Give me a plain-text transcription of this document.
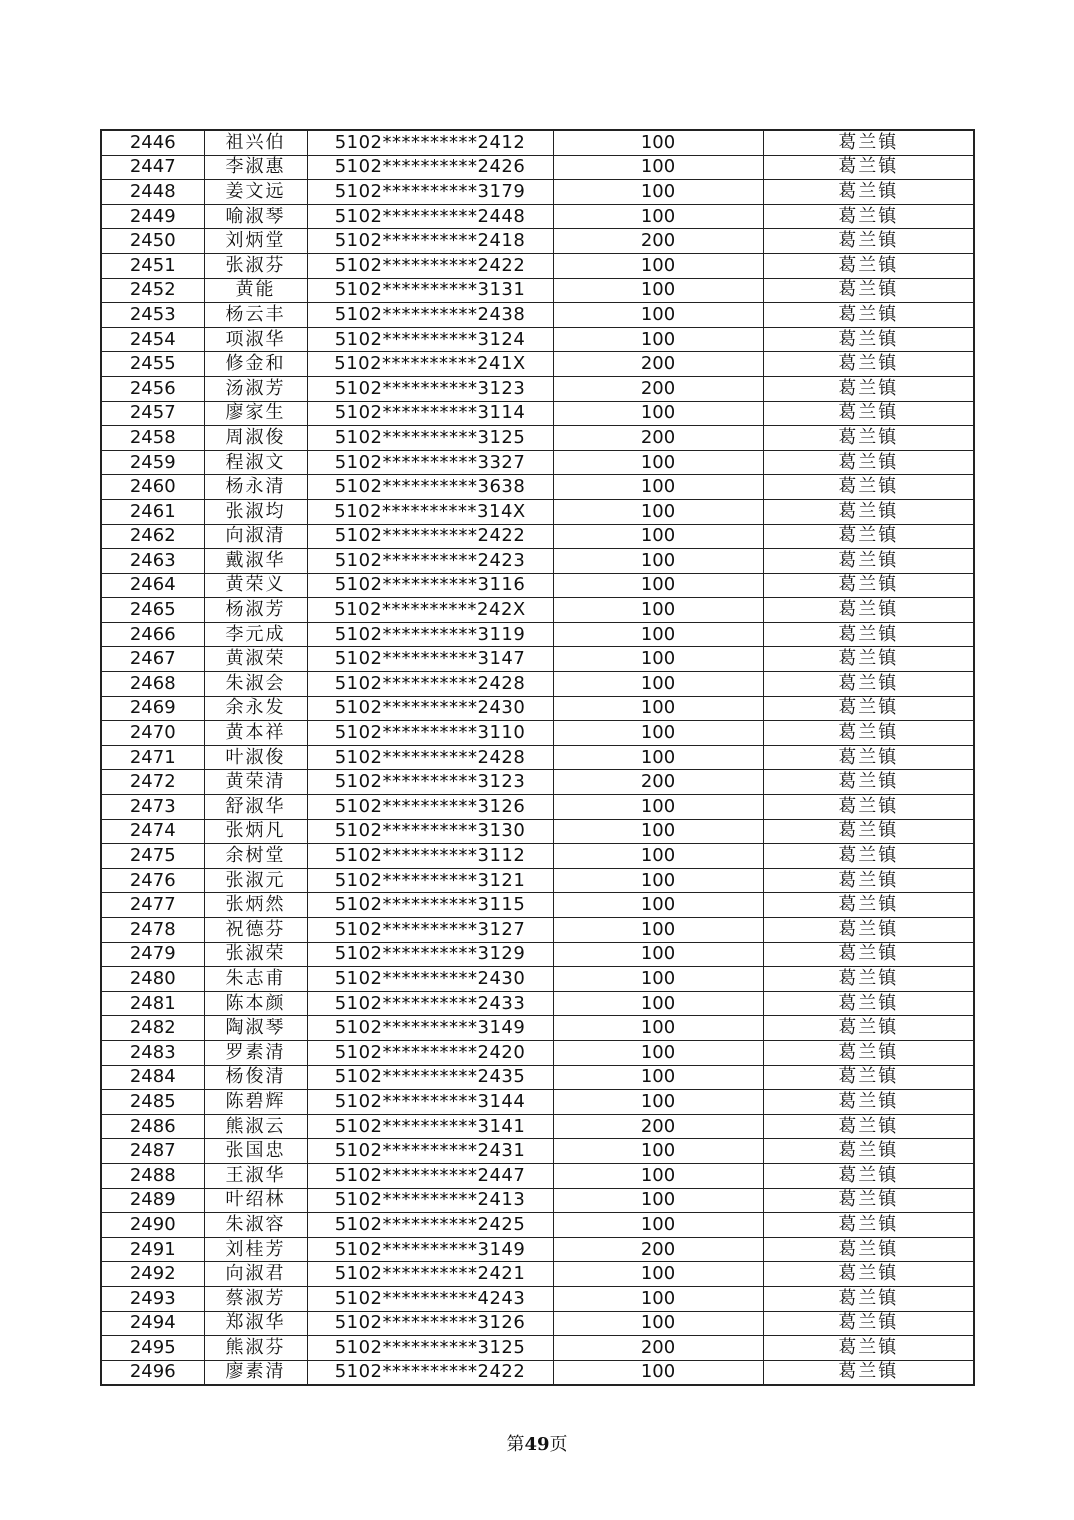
2446	祖兴伯	5102**********2412	100	葛兰镇
2447	李淑惠	5102**********2426	100	葛兰镇
2448	姜文远	5102**********3179	100	葛兰镇
2449	喻淑琴	5102**********2448	100	葛兰镇
2450	刘炳堂	5102**********2418	200	葛兰镇
2451	张淑芬	5102**********2422	100	葛兰镇
2452	黄能	5102**********3131	100	葛兰镇
2453	杨云丰	5102**********2438	100	葛兰镇
2454	项淑华	5102**********3124	100	葛兰镇
2455	修金和	5102**********241X	200	葛兰镇
2456	汤淑芳	5102**********3123	200	葛兰镇
2457	廖家生	5102**********3114	100	葛兰镇
2458	周淑俊	5102**********3125	200	葛兰镇
2459	程淑文	5102**********3327	100	葛兰镇
2460	杨永清	5102**********3638	100	葛兰镇
2461	张淑均	5102**********314X	100	葛兰镇
2462	向淑清	5102**********2422	100	葛兰镇
2463	戴淑华	5102**********2423	100	葛兰镇
2464	黄荣义	5102**********3116	100	葛兰镇
2465	杨淑芳	5102**********242X	100	葛兰镇
2466	李元成	5102**********3119	100	葛兰镇
2467	黄淑荣	5102**********3147	100	葛兰镇
2468	朱淑会	5102**********2428	100	葛兰镇
2469	余永发	5102**********2430	100	葛兰镇
2470	黄本祥	5102**********3110	100	葛兰镇
2471	叶淑俊	5102**********2428	100	葛兰镇
2472	黄荣清	5102**********3123	200	葛兰镇
2473	舒淑华	5102**********3126	100	葛兰镇
2474	张炳凡	5102**********3130	100	葛兰镇
2475	余树堂	5102**********3112	100	葛兰镇
2476	张淑元	5102**********3121	100	葛兰镇
2477	张炳然	5102**********3115	100	葛兰镇
2478	祝德芬	5102**********3127	100	葛兰镇
2479	张淑荣	5102**********3129	100	葛兰镇
2480	朱志甫	5102**********2430	100	葛兰镇
2481	陈本颜	5102**********2433	100	葛兰镇
2482	陶淑琴	5102**********3149	100	葛兰镇
2483	罗素清	5102**********2420	100	葛兰镇
2484	杨俊清	5102**********2435	100	葛兰镇
2485	陈碧辉	5102**********3144	100	葛兰镇
2486	熊淑云	5102**********3141	200	葛兰镇
2487	张国忠	5102**********2431	100	葛兰镇
2488	王淑华	5102**********2447	100	葛兰镇
2489	叶绍林	5102**********2413	100	葛兰镇
2490	朱淑容	5102**********2425	100	葛兰镇
2491	刘桂芳	5102**********3149	200	葛兰镇
2492	向淑君	5102**********2421	100	葛兰镇
2493	蔡淑芳	5102**********4243	100	葛兰镇
2494	郑淑华	5102**********3126	100	葛兰镇
2495	熊淑芬	5102**********3125	200	葛兰镇
2496	廖素清	5102**********2422	100	葛兰镇
第49页
